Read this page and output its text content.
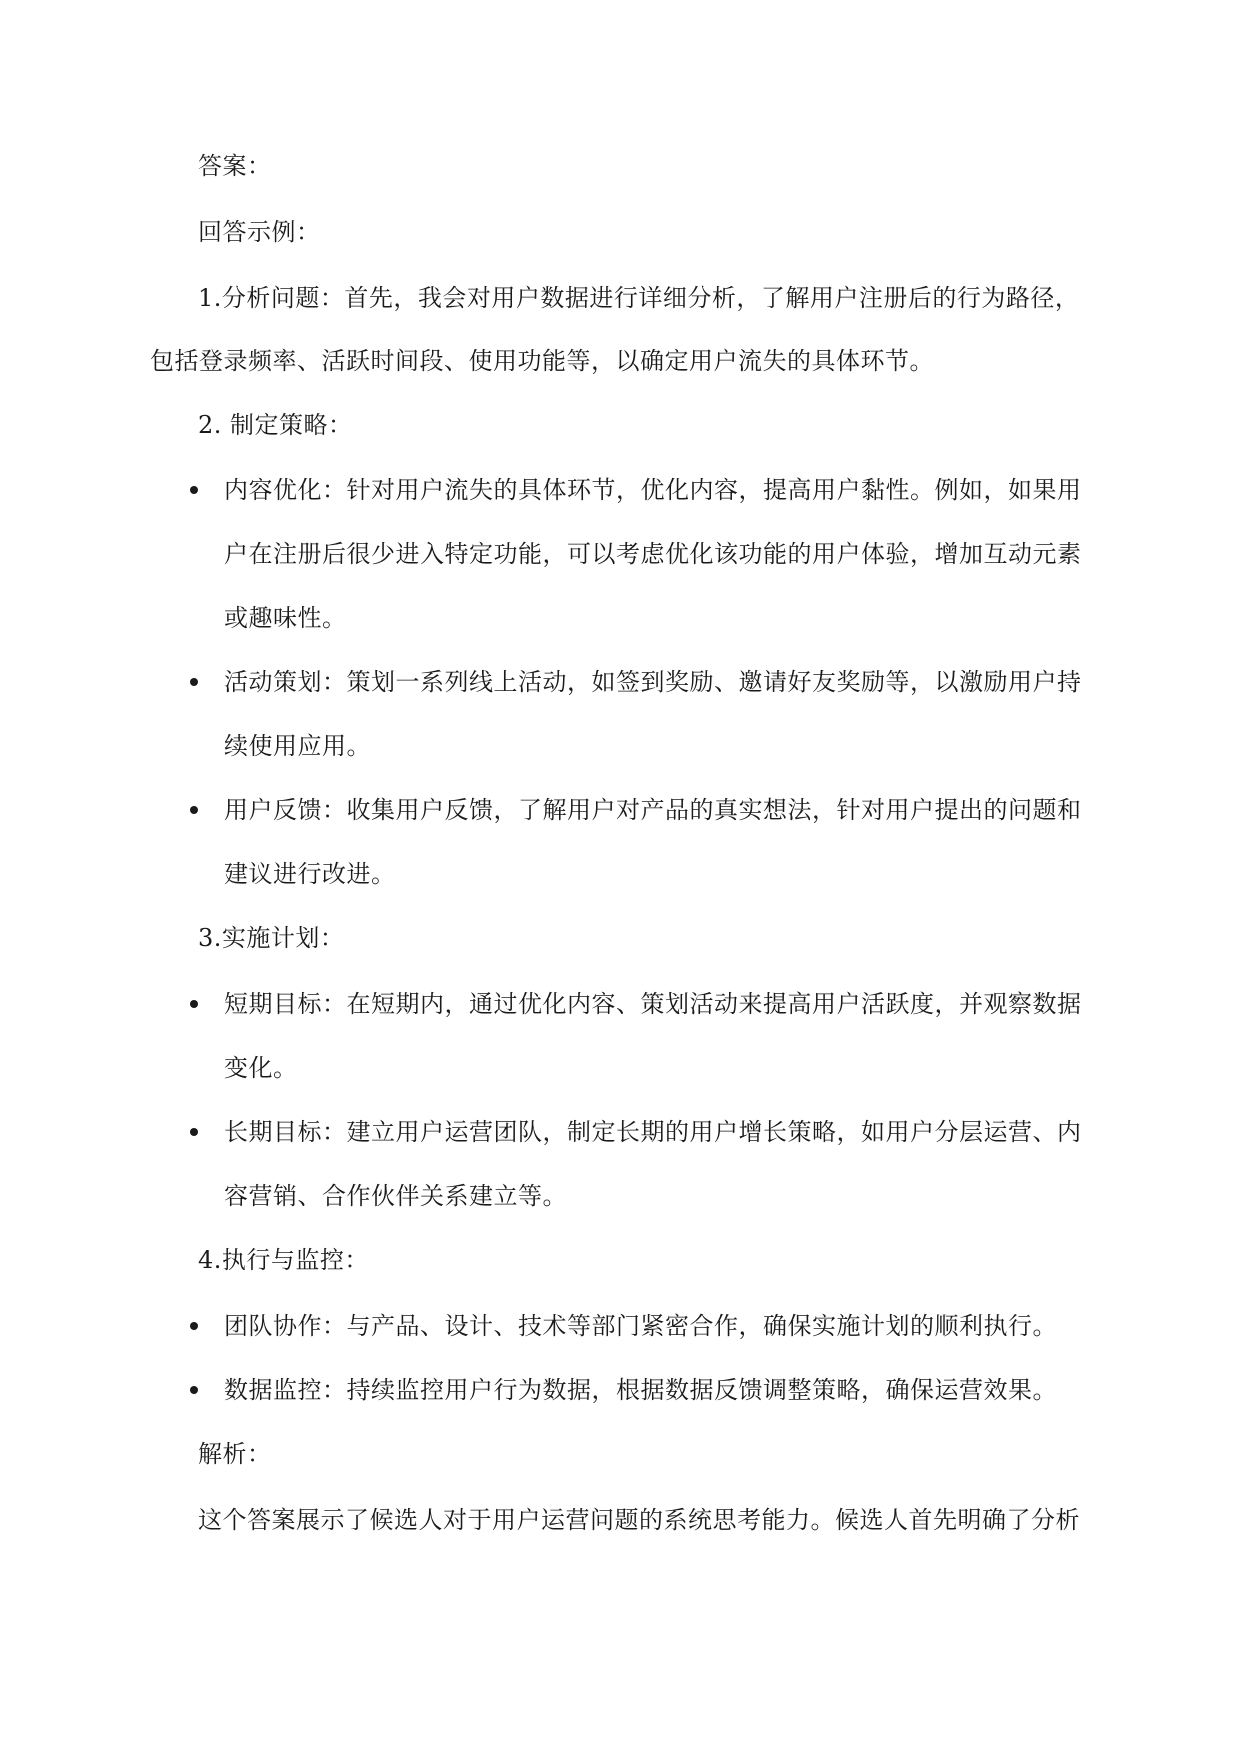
答案：
回答示例：
1.分析问题：首先，我会对用户数据进行详细分析，了解用户注册后的行为路径，
包括登录频率、活跃时间段、使用功能等，以确定用户流失的具体环节。
2. 制定策略：
内容优化：针对用户流失的具体环节，优化内容，提高用户黏性。例如，如果用
户在注册后很少进入特定功能，可以考虑优化该功能的用户体验，增加互动元素
或趣味性。
活动策划：策划一系列线上活动，如签到奖励、邀请好友奖励等，以激励用户持
续使用应用。
用户反馈：收集用户反馈，了解用户对产品的真实想法，针对用户提出的问题和
建议进行改进。
3.实施计划：
短期目标：在短期内，通过优化内容、策划活动来提高用户活跃度，并观察数据
变化。
长期目标：建立用户运营团队，制定长期的用户增长策略，如用户分层运营、内
容营销、合作伙伴关系建立等。
4.执行与监控：
团队协作：与产品、设计、技术等部门紧密合作，确保实施计划的顺利执行。
数据监控：持续监控用户行为数据，根据数据反馈调整策略，确保运营效果。
解析：
这个答案展示了候选人对于用户运营问题的系统思考能力。候选人首先明确了分析
